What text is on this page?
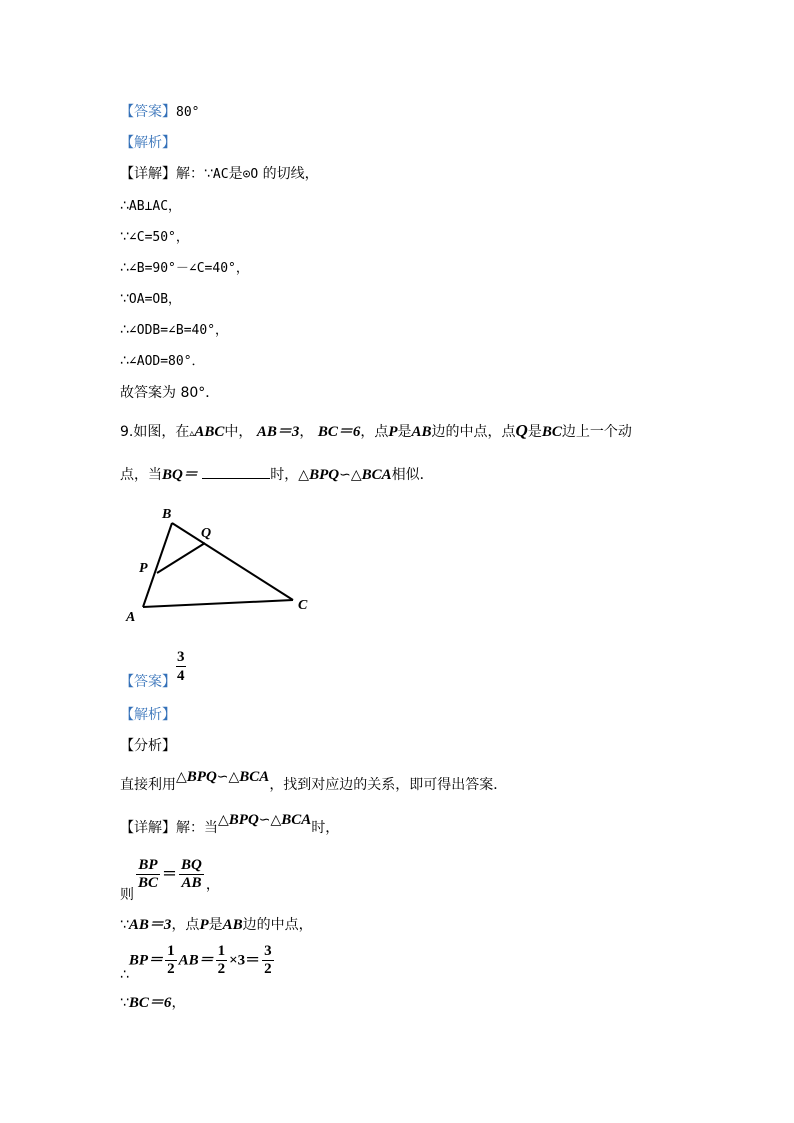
【答案】80°
【解析】
【详解】解：∵AC是⊙O 的切线，
∴AB⊥AC，
∵∠C=50°，
∴∠B=90°－∠C=40°，
∵OA=OB，
∴∠ODB=∠B=40°，
∴∠AOD=80°．
故答案为 80°．
9.如图，在▵ABC中， AB＝3， BC＝6，点P是AB边的中点，点Q是BC边上一个动
点，当BQ＝	时，△BPQ∽△BCA相似．
B
Q
P
A
C
【答案】
3
4
【解析】
【分析】
直接利用△BPQ∽△BCA，找到对应边的关系，即可得出答案．
【详解】解：当△BPQ∽△BCA时，
则
$\frac{BP}{BC} = \frac{BQ}{AB}$ ，
∵AB＝3，点P是AB边的中点，
∴BP＝ $\frac{1}{2} AB= \frac{1}{2} \times 3= \frac{3}{2}$
∵BC＝6，
